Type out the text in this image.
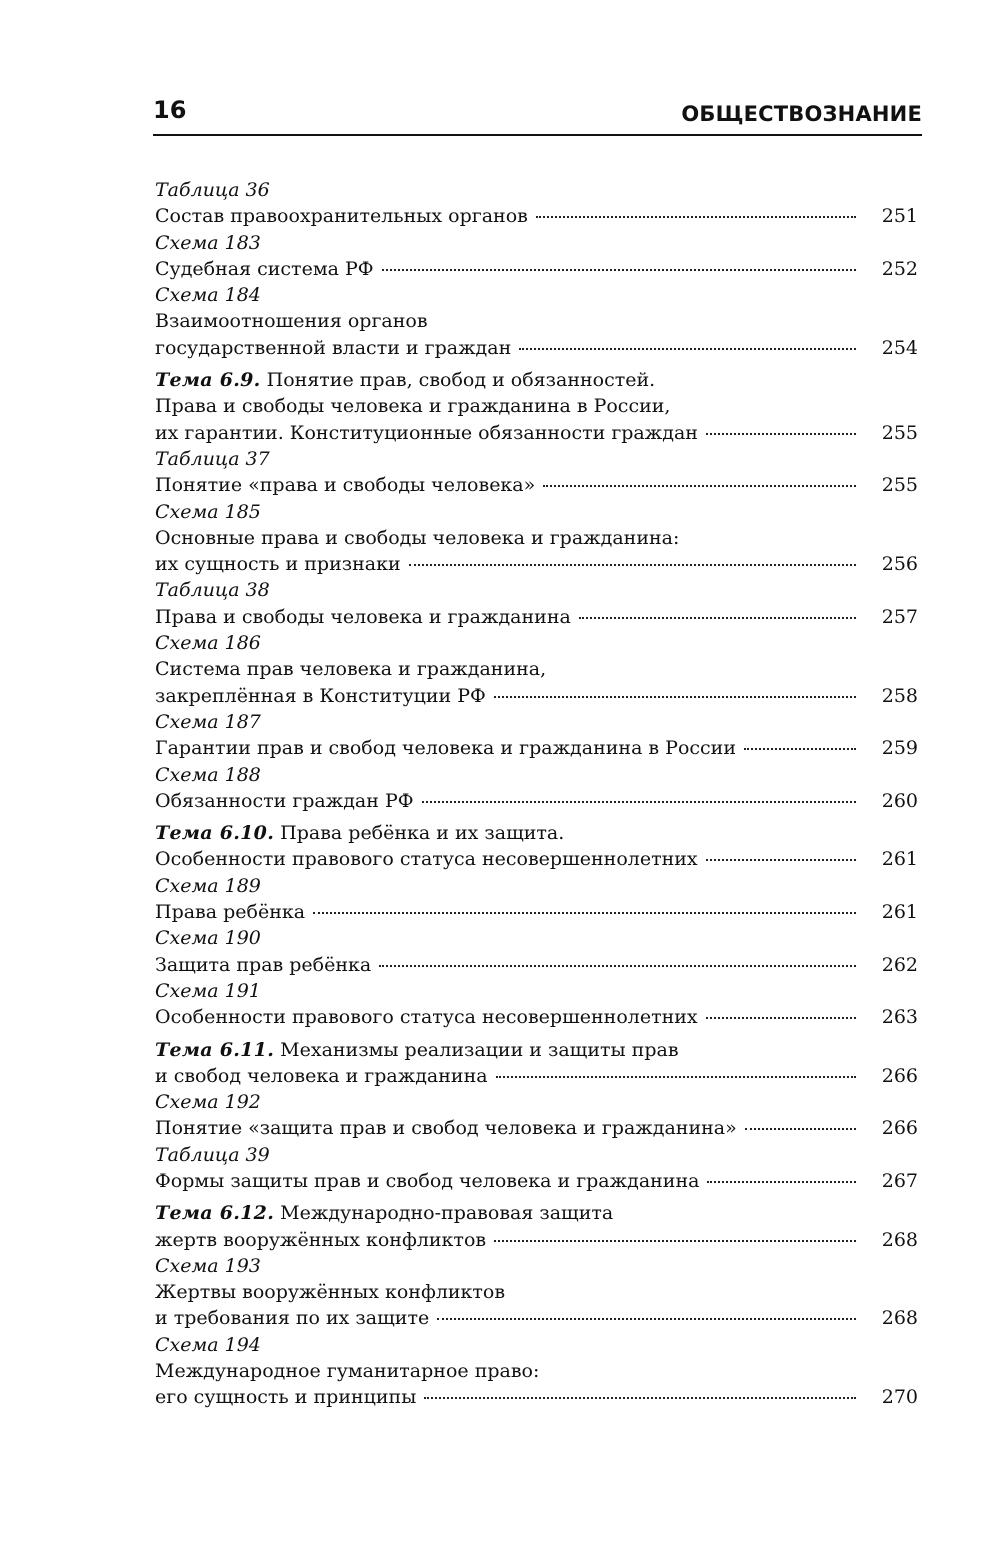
16	ОБЩЕСТВОЗНАНИЕ
Таблица 36
Состав правоохранительных органов	251
Схема 183
Судебная система РФ	252
Схема 184
Взаимоотношения органов
государственной власти и граждан	254
Тема 6.9. Понятие прав, свобод и обязанностей.
Права и свободы человека и гражданина в России,
их гарантии. Конституционные обязанности граждан	255
Таблица 37
Понятие «права и свободы человека»	255
Схема 185
Основные права и свободы человека и гражданина:
их сущность и признаки	256
Таблица 38
Права и свободы человека и гражданина	257
Схема 186
Система прав человека и гражданина,
закреплённая в Конституции РФ	258
Схема 187
Гарантии прав и свобод человека и гражданина в России	259
Схема 188
Обязанности граждан РФ	260
Тема 6.10. Права ребёнка и их защита.
Особенности правового статуса несовершеннолетних	261
Схема 189
Права ребёнка	261
Схема 190
Защита прав ребёнка	262
Схема 191
Особенности правового статуса несовершеннолетних	263
Тема 6.11. Механизмы реализации и защиты прав
и свобод человека и гражданина	266
Схема 192
Понятие «защита прав и свобод человека и гражданина»	266
Таблица 39
Формы защиты прав и свобод человека и гражданина	267
Тема 6.12. Международно-правовая защита
жертв вооружённых конфликтов	268
Схема 193
Жертвы вооружённых конфликтов
и требования по их защите	268
Схема 194
Международное гуманитарное право:
его сущность и принципы	270
